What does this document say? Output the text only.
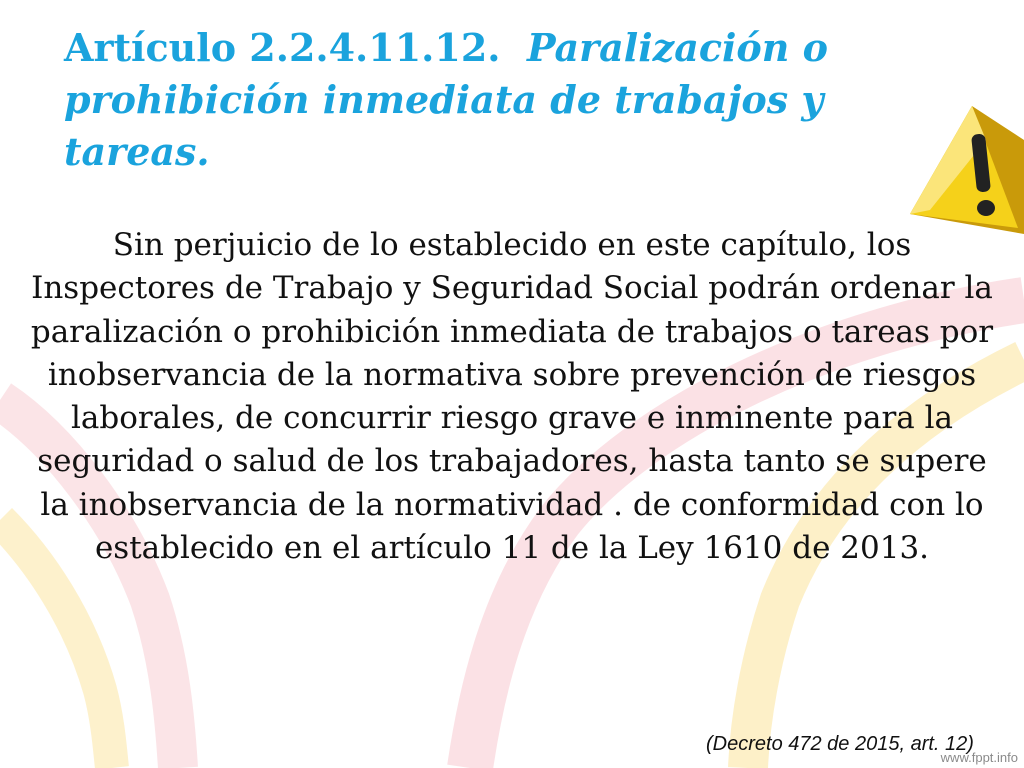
Artículo 2.2.4.11.12. Paralización o prohibición inmediata de trabajos y tareas.

Sin perjuicio de lo establecido en este capítulo, los Inspectores de Trabajo y Seguridad Social podrán ordenar la paralización o prohibición inmediata de trabajos o tareas por inobservancia de la normativa sobre prevención de riesgos laborales, de concurrir riesgo grave e inminente para la seguridad o salud de los trabajadores, hasta tanto se supere la inobservancia de la normatividad . de conformidad con lo establecido en el artículo 11 de la Ley 1610 de 2013.

(Decreto 472 de 2015, art. 12)
www.fppt.info
